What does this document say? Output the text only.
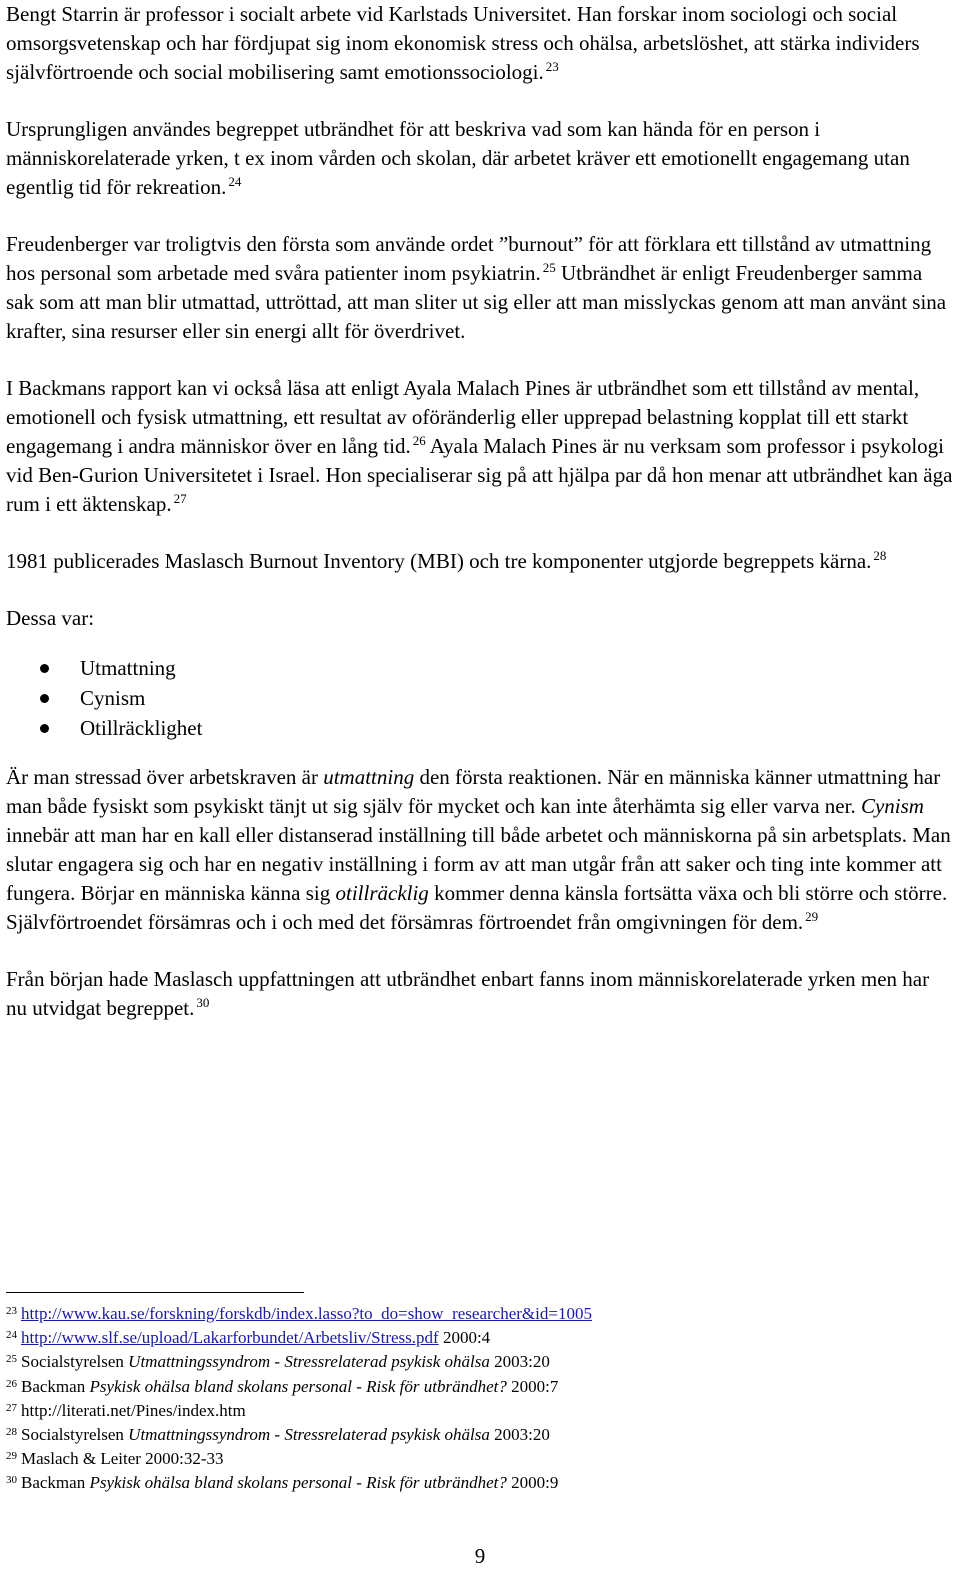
Bengt Starrin är professor i socialt arbete vid Karlstads Universitet. Han forskar inom sociologi och social omsorgsvetenskap och har fördjupat sig inom ekonomisk stress och ohälsa, arbetslöshet, att stärka individers självförtroende och social mobilisering samt emotionssociologi. $^{23}$

Ursprungligen användes begreppet utbrändhet för att beskriva vad som kan hända för en person i människorelaterade yrken, t ex inom vården och skolan, där arbetet kräver ett emotionellt engagemang utan egentlig tid för rekreation. $^{24}$

Freudenberger var troligtvis den första som använde ordet ”burnout” för att förklara ett tillstånd av utmattning hos personal som arbetade med svåra patienter inom psykiatrin. $^{25}$ Utbrändhet är enligt Freudenberger samma sak som att man blir utmattad, uttröttad, att man sliter ut sig eller att man misslyckas genom att man använt sina krafter, sina resurser eller sin energi allt för överdrivet.

I Backmans rapport kan vi också läsa att enligt Ayala Malach Pines är utbrändhet som ett tillstånd av mental, emotionell och fysisk utmattning, ett resultat av oföränderlig eller upprepad belastning kopplat till ett starkt engagemang i andra människor över en lång tid. $^{26}$ Ayala Malach Pines är nu verksam som professor i psykologi vid Ben-Gurion Universitetet i Israel. Hon specialiserar sig på att hjälpa par då hon menar att utbrändhet kan äga rum i ett äktenskap. $^{27}$

1981 publicerades Maslasch Burnout Inventory (MBI) och tre komponenter utgjorde begreppets kärna. $^{28}$

Dessa var:

Utmattning
Cynism
Otillräcklighet

Är man stressad över arbetskraven är utmattning den första reaktionen. När en människa känner utmattning har man både fysiskt som psykiskt tänjt ut sig själv för mycket och kan inte återhämta sig eller varva ner. Cynism innebär att man har en kall eller distanserad inställning till både arbetet och människorna på sin arbetsplats. Man slutar engagera sig och har en negativ inställning i form av att man utgår från att saker och ting inte kommer att fungera. Börjar en människa känna sig otillräcklig kommer denna känsla fortsätta växa och bli större och större. Självförtroendet försämras och i och med det försämras förtroendet från omgivningen för dem. $^{29}$

Från början hade Maslasch uppfattningen att utbrändhet enbart fanns inom människorelaterade yrken men har nu utvidgat begreppet. $^{30}$

$^{23}$ http://www.kau.se/forskning/forskdb/index.lasso?to_do=show_researcher&id=1005
$^{24}$ http://www.slf.se/upload/Lakarforbundet/Arbetsliv/Stress.pdf 2000:4
$^{25}$ Socialstyrelsen Utmattningssyndrom - Stressrelaterad psykisk ohälsa 2003:20
$^{26}$ Backman Psykisk ohälsa bland skolans personal - Risk för utbrändhet? 2000:7
$^{27}$ http://literati.net/Pines/index.htm
$^{28}$ Socialstyrelsen Utmattningssyndrom - Stressrelaterad psykisk ohälsa 2003:20
$^{29}$ Maslach & Leiter 2000:32-33
$^{30}$ Backman Psykisk ohälsa bland skolans personal - Risk för utbrändhet? 2000:9
9
